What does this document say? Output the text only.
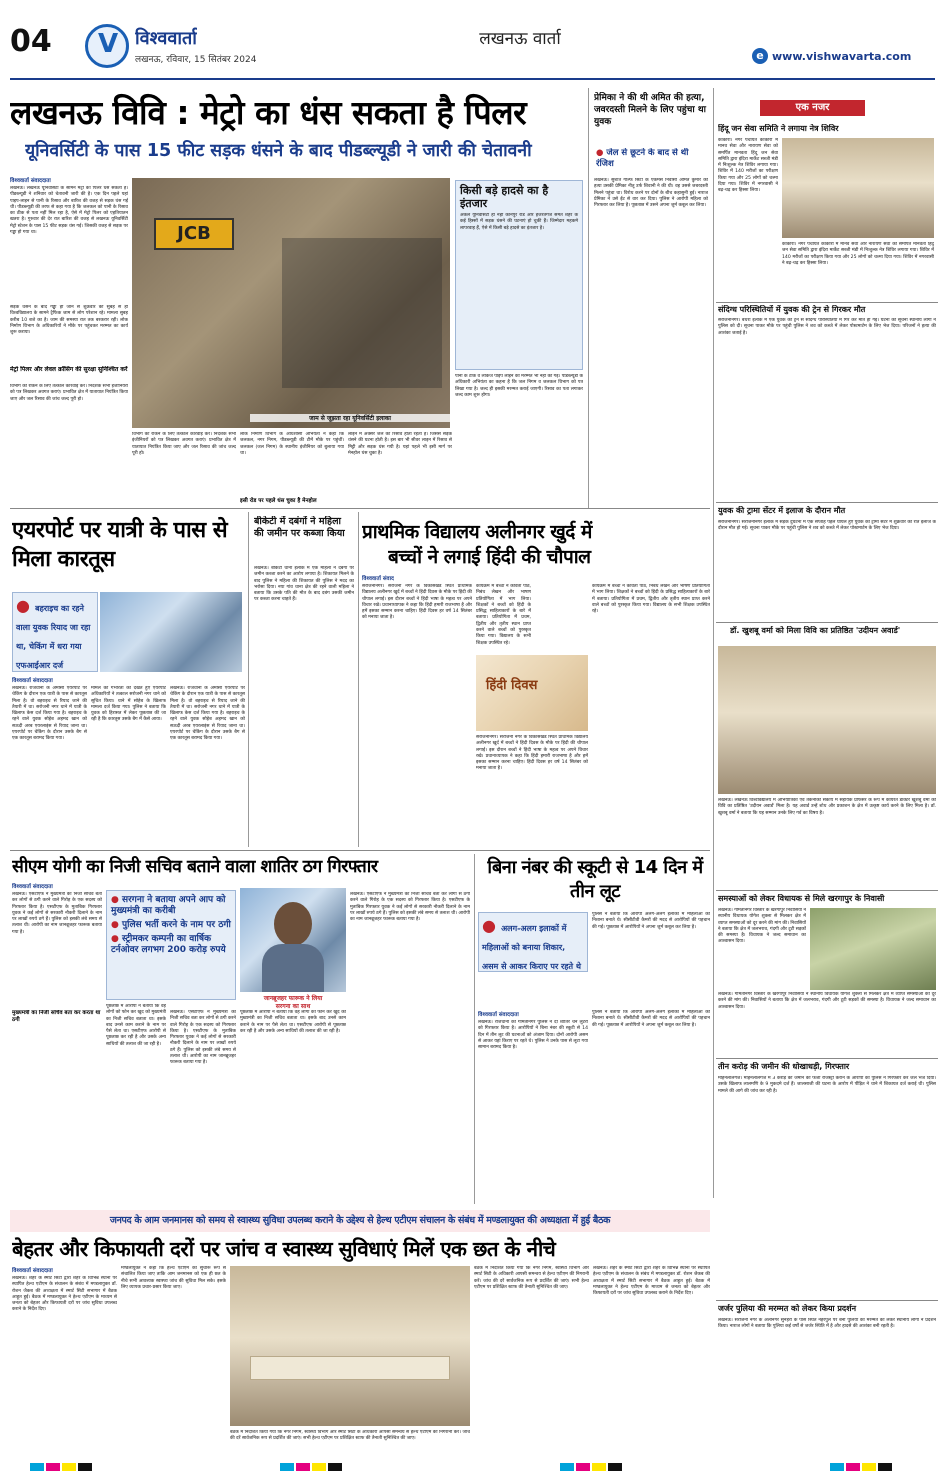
04 V विश्ववार्ता
लखनऊ, रविवार, 15 सितंबर 2024
लखनऊ वार्ता
e www.vishwavarta.com
लखनऊ विवि : मेट्रो का धंस सकता है पिलर
यूनिवर्सिटी के पास 15 फीट सड़क धंसने के बाद पीडब्ल्यूडी ने जारी की चेतावनी
विश्ववार्ता संवाददाता
लखनऊ। लखनऊ यूनिवर्सिटी के सामने मेट्रो का पिलर धंस सकता है। पीडब्ल्यूडी ने शनिवार को चेतावनी जारी की है। एक दिन पहले यहां पाइप-लाइन से पानी के रिसाव और बारिश की वजह से सड़क धंस गई थी। पीडब्ल्यूडी की तरफ से कहा गया है कि जलकल को पानी के रिसाव का ठीक से पता नहीं मिल रहा है, ऐसे में मेट्रो पिलर को एहतियातन खतरा है। गुरुवार की देर रात बारिश की वजह से लखनऊ यूनिवर्सिटी मेट्रो स्टेशन के पास 15 फीट सड़क धंस गई। जिसकी वजह से सड़क पर गड्ढा हो गया था।
सड़क धंसने के बाद गड्ढा हो जाने से शुक्रवार की सुबह से ही विश्वविद्यालय के सामने ट्रैफिक जाम से लोग परेशान रहे। मामला सुबह करीब 10 बजे का है। जाम की समस्या रात तक बरकरार रही। लोक निर्माण विभाग के अधिकारियों ने मौके पर पहुंचकर मरम्मत का कार्य शुरू कराया।
मेट्रो पिलर और लेवल क्रॉसिंग की सुरक्षा सुनिश्चित करें
विभाग को रोकने के लिए तत्काल कार्रवाई करें। निदेशक सभी इंजीनियरों को पत्र लिखकर अवगत कराएं। प्रभावित क्षेत्र में यातायात नियंत्रित किया जाए और जल रिसाव की जांच जल्द पूरी हो।
JCB
जाम से जूझता रहा यूनिवर्सिटी इलाका
विभाग को रोकने के लिए तत्काल कार्रवाई करें। निदेशक सभी इंजीनियरों को पत्र लिखकर अवगत कराएं। प्रभावित क्षेत्र में यातायात नियंत्रित किया जाए और जल रिसाव की जांच जल्द पूरी हो।
लोक निर्माण विभाग के अधिशासी अभियंता ने कहा कि जलकल, नगर निगम, पीडब्ल्यूडी की टीमें मौके पर पहुंचीं। जलकल (जल निगम) के स्थानीय इंजीनियर को बुलाया गया था।
लाइन में अक्सर जल का रिसाव होता रहता है। जिससे सड़क धंसने की घटना होती है। इस बार भी सीवर लाइन में रिसाव से मिट्टी और सड़क धंस गयी है। यहां पहले भी इसी मार्ग पर मेनहोल धंस चुका है।
इसी रोड पर पहले धंस चुका है मेनहोल
किसी बड़े हादसे का है इंतजार
अकेले यूनिवर्सिटी ही नहीं कानपुर रोड और हजरतगंज समेत शहर के कई हिस्सों में सड़क धंसने की घटनाएं हो चुकी हैं। जिम्मेदार महकमे लापरवाह हैं, ऐसे में किसी बड़े हादसे का इंतजार है।
पानी के टीके व लीकेज पाइप लाइन की मरम्मत भी नहीं की गई। पीडब्ल्यूडी के अधिकारी अभियंता का कहना है कि जल निगम व जलकल विभाग को पत्र लिखा गया है। जल्द ही इसकी मरम्मत कराई जाएगी। रिसाव का पता लगाकर जल्द काम शुरू होगा।
प्रेमिका ने की थी अमित की हत्या, जवरदस्ती मिलने के लिए पहुंचा था युवक
● जेल से छूटने के बाद से थी रंजिश
लखनऊ। सुशांत गोल्फ सिटी के एकमस निवासी अमित कुमार की हत्या उसकी प्रेमिका नीतू उर्फ शिवानी ने की थी। वह उससे जबरदस्ती मिलने पहुंचा था। विरोध करने पर दोनों के बीच कहासुनी हुई। नाराज प्रेमिका ने उसे ईंट से वार कर दिया। पुलिस ने आरोपी महिला को गिरफ्तार कर लिया है। पूछताछ में उसने अपना जुर्म कबूल कर लिया।
एक नजर
हिंदू जन सेवा समिति ने लगाया नेत्र शिविर
काकोरी। नगर पंचायत काकोरी में मानव सेवा और नारायण सेवा को समर्पित मानवता हिंदू जन सेवा समिति द्वारा इंदिरा मार्केट सब्जी मंडी में निःशुल्क नेत्र शिविर लगाया गया। शिविर में 140 मरीजों का परीक्षण किया गया और 25 लोगों को चश्मा दिया गया। शिविर में नगरवासी ने बढ़-चढ़ कर हिस्सा लिया।
काकोरी। नगर पंचायत काकोरी में मानव सेवा और नारायण सेवा को समर्पित मानवता हिंदू जन सेवा समिति द्वारा इंदिरा मार्केट सब्जी मंडी में निःशुल्क नेत्र शिविर लगाया गया। शिविर में 140 मरीजों का परीक्षण किया गया और 25 लोगों को चश्मा दिया गया। शिविर में नगरवासी ने बढ़-चढ़ कर हिस्सा लिया।
संदिग्ध परिस्थितियों में युवक की ट्रेन से गिरकर मौत
सरोजनीनगर। बंथरा इलाके में एक युवक की ट्रेन से संदिग्ध परिस्थितियों में गिर कर मौत हो गई। घटना की सूचना स्थानीय लोगों ने पुलिस को दी। सूचना पाकर मौके पर पहुंची पुलिस ने शव को कब्जे में लेकर पोस्टमार्टम के लिए भेज दिया। परिजनों ने हत्या की आशंका जताई है।
युवक की ट्रामा सेंटर में इलाज के दौरान मौत
सरोजनीनगर। सरोजनीनगर इलाके में सड़क दुर्घटना में एक सप्ताह पहले घायल हुए युवक की ट्रामा सेंटर में शुक्रवार की रात इलाज के दौरान मौत हो गई। सूचना पाकर मौके पर पहुंची पुलिस ने शव को कब्जे में लेकर पोस्टमार्टम के लिए भेज दिया।
डॉ. खुशबू वर्मा को मिला विवि का प्रतिष्ठित 'उदीयन अवार्ड'
लखनऊ। लखनऊ विश्वविद्यालय में अभियांत्रिकी एवं तकनीकी संकाय में सहायक प्रोफेसर के रूप में कार्यरत डॉक्टर खुशबू वर्मा को विवि का प्रतिष्ठित 'उदीयन अवार्ड' मिला है। यह अवार्ड उन्हें शोध और प्रकाशन के क्षेत्र में उत्कृष्ट कार्य करने के लिए मिला है। डॉ. खुशबू वर्मा ने बताया कि यह सम्मान उनके लिए गर्व का विषय है।
समस्याओं को लेकर विधायक से मिले खरगापुर के निवासी
लखनऊ। गोमतीनगर विस्तार के खरगापुर निवासियों ने स्थानीय विधायक योगेश शुक्ला से मिलकर क्षेत्र में व्याप्त समस्याओं को दूर करने की मांग की। निवासियों ने बताया कि क्षेत्र में जलभराव, गंदगी और टूटी सड़कों की समस्या है। विधायक ने जल्द समाधान का आश्वासन दिया।
लखनऊ। गोमतीनगर विस्तार के खरगापुर निवासियों ने स्थानीय विधायक योगेश शुक्ला से मिलकर क्षेत्र में व्याप्त समस्याओं को दूर करने की मांग की। निवासियों ने बताया कि क्षेत्र में जलभराव, गंदगी और टूटी सड़कों की समस्या है। विधायक ने जल्द समाधान का आश्वासन दिया।
तीन करोड़ की जमीन की धोखाधड़ी, गिरफ्तार
मोहनलालगंज। मोहनलालगंज में 3 करोड़ की जमीन की फर्जी रजिस्ट्री कराने के आरोपी को पुलिस ने गिरफ्तार कर जेल भेज दिया। उसके खिलाफ लालमणि के 9 मुकदमे दर्ज हैं। जालसाजी की घटना के आरोप में पीड़ित ने थाने में शिकायत दर्ज कराई थी। पुलिस मामले की आगे की जांच कर रही है।
जर्जर पुलिया की मरम्मत को लेकर किया प्रदर्शन
लखनऊ। सरोजनी नगर के अलीनगर सुनहरा के पास स्थित नहरपुल पर बनी पुलिया की मरम्मत को लेकर स्थानीय लोगों ने प्रदर्शन किया। नाराज लोगों ने बताया कि पुलिया कई वर्षों से जर्जर स्थिति में है और हादसे की आशंका बनी रहती है।
एयरपोर्ट पर यात्री के पास से मिला कारतूस
● बहराइच का रहने वाला युवक रियाद जा रहा था, चेकिंग में धरा गया एफआईआर दर्ज
विश्ववार्ता संवाददाता
लखनऊ। राजधानी के अमौसी एयरपोर्ट पर चेकिंग के दौरान एक यात्री के पास से कारतूस मिला है। वो बहराइच से रियाद जाने की तैयारी में था। सरोजनी नगर थाने में यात्री के खिलाफ केस दर्ज किया गया है। बहराइच के रहने वाले युवक सोहेब अहमद खान को सऊदी अरब एयरलाइंस से रियाद जाना था। एयरपोर्ट पर चेकिंग के दौरान उसके बैग से एक कारतूस बरामद किया गया।
मामले की गंभीरता को देखते हुए एयरपोर्ट अधिकारियों ने तत्काल सरोजनी नगर थाने को सूचित किया। थाने में सोहेब के खिलाफ मामला दर्ज किया गया। पुलिस ने बताया कि युवक को हिरासत में लेकर पूछताछ की जा रही है कि कारतूस उसके बैग में कैसे आया।
लखनऊ। राजधानी के अमौसी एयरपोर्ट पर चेकिंग के दौरान एक यात्री के पास से कारतूस मिला है। वो बहराइच से रियाद जाने की तैयारी में था। सरोजनी नगर थाने में यात्री के खिलाफ केस दर्ज किया गया है। बहराइच के रहने वाले युवक सोहेब अहमद खान को सऊदी अरब एयरलाइंस से रियाद जाना था। एयरपोर्ट पर चेकिंग के दौरान उसके बैग से एक कारतूस बरामद किया गया।
बीकेटी में दबंगों ने महिला की जमीन पर कब्जा किया
लखनऊ। बीकेटी थाना इलाके में एक महिला ने दबंगों पर जमीन कब्जा करने का आरोप लगाया है। शिकायत मिलने के बाद पुलिस ने महिला की शिकायत की पुलिस ने मदद का भरोसा दिया। नया गांव थाना क्षेत्र की रहने वाली महिला ने बताया कि उसके पति की मौत के बाद दबंग उसकी जमीन पर कब्जा करना चाहते हैं।
प्राथमिक विद्यालय अलीनगर खुर्द में
बच्चों ने लगाई हिंदी की चौपाल
विश्ववार्ता संवाद
सरोजनीनगर। सरोजनी नगर के विकासखंड स्थित प्राथमिक विद्यालय अलीनगर खुर्द में बच्चों ने हिंदी दिवस के मौके पर हिंदी की चौपाल लगाई। इस दौरान बच्चों ने हिंदी भाषा के महत्व पर अपने विचार रखे। प्रधानाध्यापक ने कहा कि हिंदी हमारी राजभाषा है और हमें इसका सम्मान करना चाहिए। हिंदी दिवस हर वर्ष 14 सितंबर को मनाया जाता है।
कार्यक्रम में बच्चों ने कविता पाठ, निबंध लेखन और भाषण प्रतियोगिता में भाग लिया। शिक्षकों ने बच्चों को हिंदी के प्रसिद्ध साहित्यकारों के बारे में बताया। प्रतियोगिता में प्रथम, द्वितीय और तृतीय स्थान प्राप्त करने वाले बच्चों को पुरस्कृत किया गया। विद्यालय के सभी शिक्षक उपस्थित रहे।
हिंदी दिवस
सरोजनीनगर। सरोजनी नगर के विकासखंड स्थित प्राथमिक विद्यालय अलीनगर खुर्द में बच्चों ने हिंदी दिवस के मौके पर हिंदी की चौपाल लगाई। इस दौरान बच्चों ने हिंदी भाषा के महत्व पर अपने विचार रखे। प्रधानाध्यापक ने कहा कि हिंदी हमारी राजभाषा है और हमें इसका सम्मान करना चाहिए। हिंदी दिवस हर वर्ष 14 सितंबर को मनाया जाता है।
कार्यक्रम में बच्चों ने कविता पाठ, निबंध लेखन और भाषण प्रतियोगिता में भाग लिया। शिक्षकों ने बच्चों को हिंदी के प्रसिद्ध साहित्यकारों के बारे में बताया। प्रतियोगिता में प्रथम, द्वितीय और तृतीय स्थान प्राप्त करने वाले बच्चों को पुरस्कृत किया गया। विद्यालय के सभी शिक्षक उपस्थित रहे।
सीएम योगी का निजी सचिव बताने वाला शातिर ठग गिरफ्तार
विश्ववार्ता संवाददाता
लखनऊ। एसटीएफ ने मुख्यमंत्री का निजी सचिव बता कर लोगों से ठगी करने वाले गिरोह के एक सदस्य को गिरफ्तार किया है। एसटीएफ के मुताबिक गिरफ्तार युवक ने कई लोगों से सरकारी नौकरी दिलाने के नाम पर लाखों रुपये ठगे हैं। पुलिस को इसकी लंबे समय से तलाश थी। आरोपी का नाम जानब्रूजहर फारूक बताया गया है।
मुख्यमंत्री का निजी सचिव बता कर करता था ठगी
● सरगना ने बताया अपने आप को मुख्यमंत्री का करीबी
● पुलिस भर्ती करने के नाम पर ठगी
● स्ट्रीमकर कम्पनी का वार्षिक टर्नओवर लगभग 200 करोड़ रुपये
जानब्रूजहर फारूक ने लिया
सरगना का साथ
पूछताछ में आरोपी ने बताया कि वह लोगों को फोन कर खुद को मुख्यमंत्री का निजी सचिव बताता था। इसके बाद उनसे काम कराने के नाम पर पैसे लेता था। एसटीएफ आरोपी से पूछताछ कर रही है और उसके अन्य साथियों की तलाश की जा रही है।
लखनऊ। एसटीएफ ने मुख्यमंत्री का निजी सचिव बता कर लोगों से ठगी करने वाले गिरोह के एक सदस्य को गिरफ्तार किया है। एसटीएफ के मुताबिक गिरफ्तार युवक ने कई लोगों से सरकारी नौकरी दिलाने के नाम पर लाखों रुपये ठगे हैं। पुलिस को इसकी लंबे समय से तलाश थी। आरोपी का नाम जानब्रूजहर फारूक बताया गया है।
पूछताछ में आरोपी ने बताया कि वह लोगों को फोन कर खुद को मुख्यमंत्री का निजी सचिव बताता था। इसके बाद उनसे काम कराने के नाम पर पैसे लेता था। एसटीएफ आरोपी से पूछताछ कर रही है और उसके अन्य साथियों की तलाश की जा रही है।
लखनऊ। एसटीएफ ने मुख्यमंत्री का निजी सचिव बता कर लोगों से ठगी करने वाले गिरोह के एक सदस्य को गिरफ्तार किया है। एसटीएफ के मुताबिक गिरफ्तार युवक ने कई लोगों से सरकारी नौकरी दिलाने के नाम पर लाखों रुपये ठगे हैं। पुलिस को इसकी लंबे समय से तलाश थी। आरोपी का नाम जानब्रूजहर फारूक बताया गया है।
बिना नंबर की स्कूटी से 14 दिन में तीन लूट
● अलग-अलग इलाकों में महिलाओं को बनाया शिकार, असम से आकर किराए पर रहते थे
पुलिस ने बताया कि आरोपी अलग-अलग इलाकों में महिलाओं को निशाना बनाते थे। सीसीटीवी कैमरों की मदद से आरोपियों की पहचान की गई। पूछताछ में आरोपियों ने अपना जुर्म कबूल कर लिया है।
विश्ववार्ता संवाददाता
लखनऊ। राजधानी की गोमतीनगर पुलिस ने दो शातिर चेन लुटेरों को गिरफ्तार किया है। आरोपियों ने बिना नंबर की स्कूटी से 14 दिन में तीन लूट की घटनाओं को अंजाम दिया। दोनों आरोपी असम से आकर यहां किराए पर रहते थे। पुलिस ने उनके पास से लूटा गया सामान बरामद किया है।
पुलिस ने बताया कि आरोपी अलग-अलग इलाकों में महिलाओं को निशाना बनाते थे। सीसीटीवी कैमरों की मदद से आरोपियों की पहचान की गई। पूछताछ में आरोपियों ने अपना जुर्म कबूल कर लिया है।
जनपद के आम जनमानस को समय से स्वास्थ्य सुविधा उपलब्ध कराने के उद्देश्य से हेल्थ एटीएम संचालन के संबंध में मण्डलायुक्त की अध्यक्षता में हुई बैठक
बेहतर और किफायती दरों पर जांच व स्वास्थ्य सुविधाएं मिलें एक छत के नीचे
विश्ववार्ता संवाददाता
लखनऊ। शहर के स्मार्ट सिटी द्वारा शहर के विभिन्न स्थानों पर स्थापित हेल्थ एटीएम के संचालन के संबंध में मण्डलायुक्त डॉ. रोशन जैकब की अध्यक्षता में स्मार्ट सिटी सभागार में बैठक आहूत हुई। बैठक में मण्डलायुक्त ने हेल्थ एटीएम के माध्यम से जनता को बेहतर और किफायती दरों पर जांच सुविधा उपलब्ध कराने के निर्देश दिए।
मण्डलायुक्त ने कहा कि हेल्थ एटीएम को सुचारू रूप से संचालित किया जाए ताकि आम जनमानस को एक ही छत के नीचे सभी आवश्यक स्वास्थ्य जांच की सुविधा मिल सके। इसके लिए व्यापक प्रचार-प्रसार किया जाए।
बैठक में निर्देशित किया गया कि नगर निगम, स्वास्थ्य विभाग और स्मार्ट सिटी के अधिकारी आपसी समन्वय से हेल्थ एटीएम की निगरानी करें। जांच की दरें सार्वजनिक रूप से प्रदर्शित की जाएं। सभी हेल्थ एटीएम पर प्रशिक्षित स्टाफ की तैनाती सुनिश्चित की जाए।
बैठक में निर्देशित किया गया कि नगर निगम, स्वास्थ्य विभाग और स्मार्ट सिटी के अधिकारी आपसी समन्वय से हेल्थ एटीएम की निगरानी करें। जांच की दरें सार्वजनिक रूप से प्रदर्शित की जाएं। सभी हेल्थ एटीएम पर प्रशिक्षित स्टाफ की तैनाती सुनिश्चित की जाए।
लखनऊ। शहर के स्मार्ट सिटी द्वारा शहर के विभिन्न स्थानों पर स्थापित हेल्थ एटीएम के संचालन के संबंध में मण्डलायुक्त डॉ. रोशन जैकब की अध्यक्षता में स्मार्ट सिटी सभागार में बैठक आहूत हुई। बैठक में मण्डलायुक्त ने हेल्थ एटीएम के माध्यम से जनता को बेहतर और किफायती दरों पर जांच सुविधा उपलब्ध कराने के निर्देश दिए।
